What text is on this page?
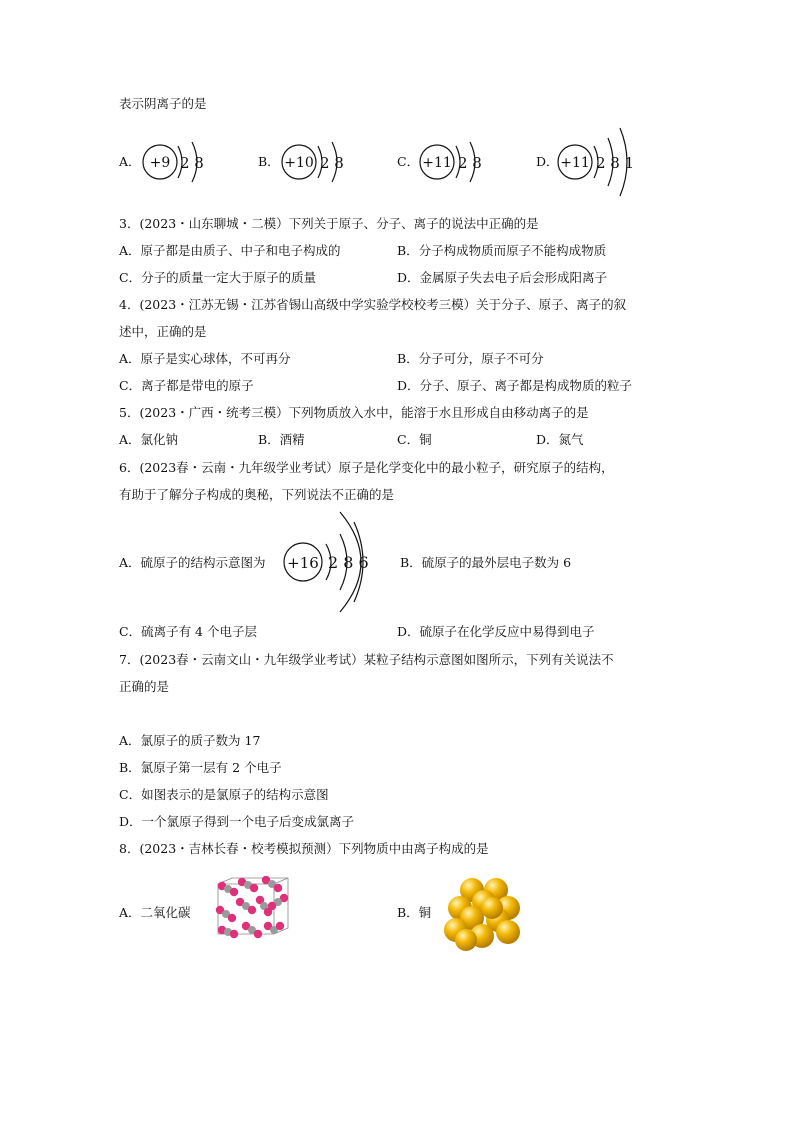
表示阴离子的是
A． +9 2 8	B． +10 2 8	C． +11 2 8	D． +11 2 8 1
3．(2023・山东聊城・二模）下列关于原子、分子、离子的说法中正确的是
A．原子都是由质子、中子和电子构成的	B．分子构成物质而原子不能构成物质
C．分子的质量一定大于原子的质量	D．金属原子失去电子后会形成阳离子
4．(2023・江苏无锡・江苏省锡山高级中学实验学校校考三模）关于分子、原子、离子的叙
述中，正确的是
A．原子是实心球体，不可再分	B．分子可分，原子不可分
C．离子都是带电的原子	D．分子、原子、离子都是构成物质的粒子
5．(2023・广西・统考三模）下列物质放入水中，能溶于水且形成自由移动离子的是
A．氯化钠	B．酒精	C．铜	D．氮气
6．(2023春・云南・九年级学业考试）原子是化学变化中的最小粒子，研究原子的结构，
有助于了解分子构成的奥秘，下列说法不正确的是
A．硫原子的结构示意图为 +16 2 8 6	B．硫原子的最外层电子数为 6
C．硫离子有 4 个电子层	D．硫原子在化学反应中易得到电子
7．(2023春・云南文山・九年级学业考试）某粒子结构示意图如图所示，下列有关说法不
正确的是
A．氯原子的质子数为 17
B．氯原子第一层有 2 个电子
C．如图表示的是氯原子的结构示意图
D．一个氯原子得到一个电子后变成氯离子
8．(2023・吉林长春・校考模拟预测）下列物质中由离子构成的是
A．二氧化碳	B．铜
